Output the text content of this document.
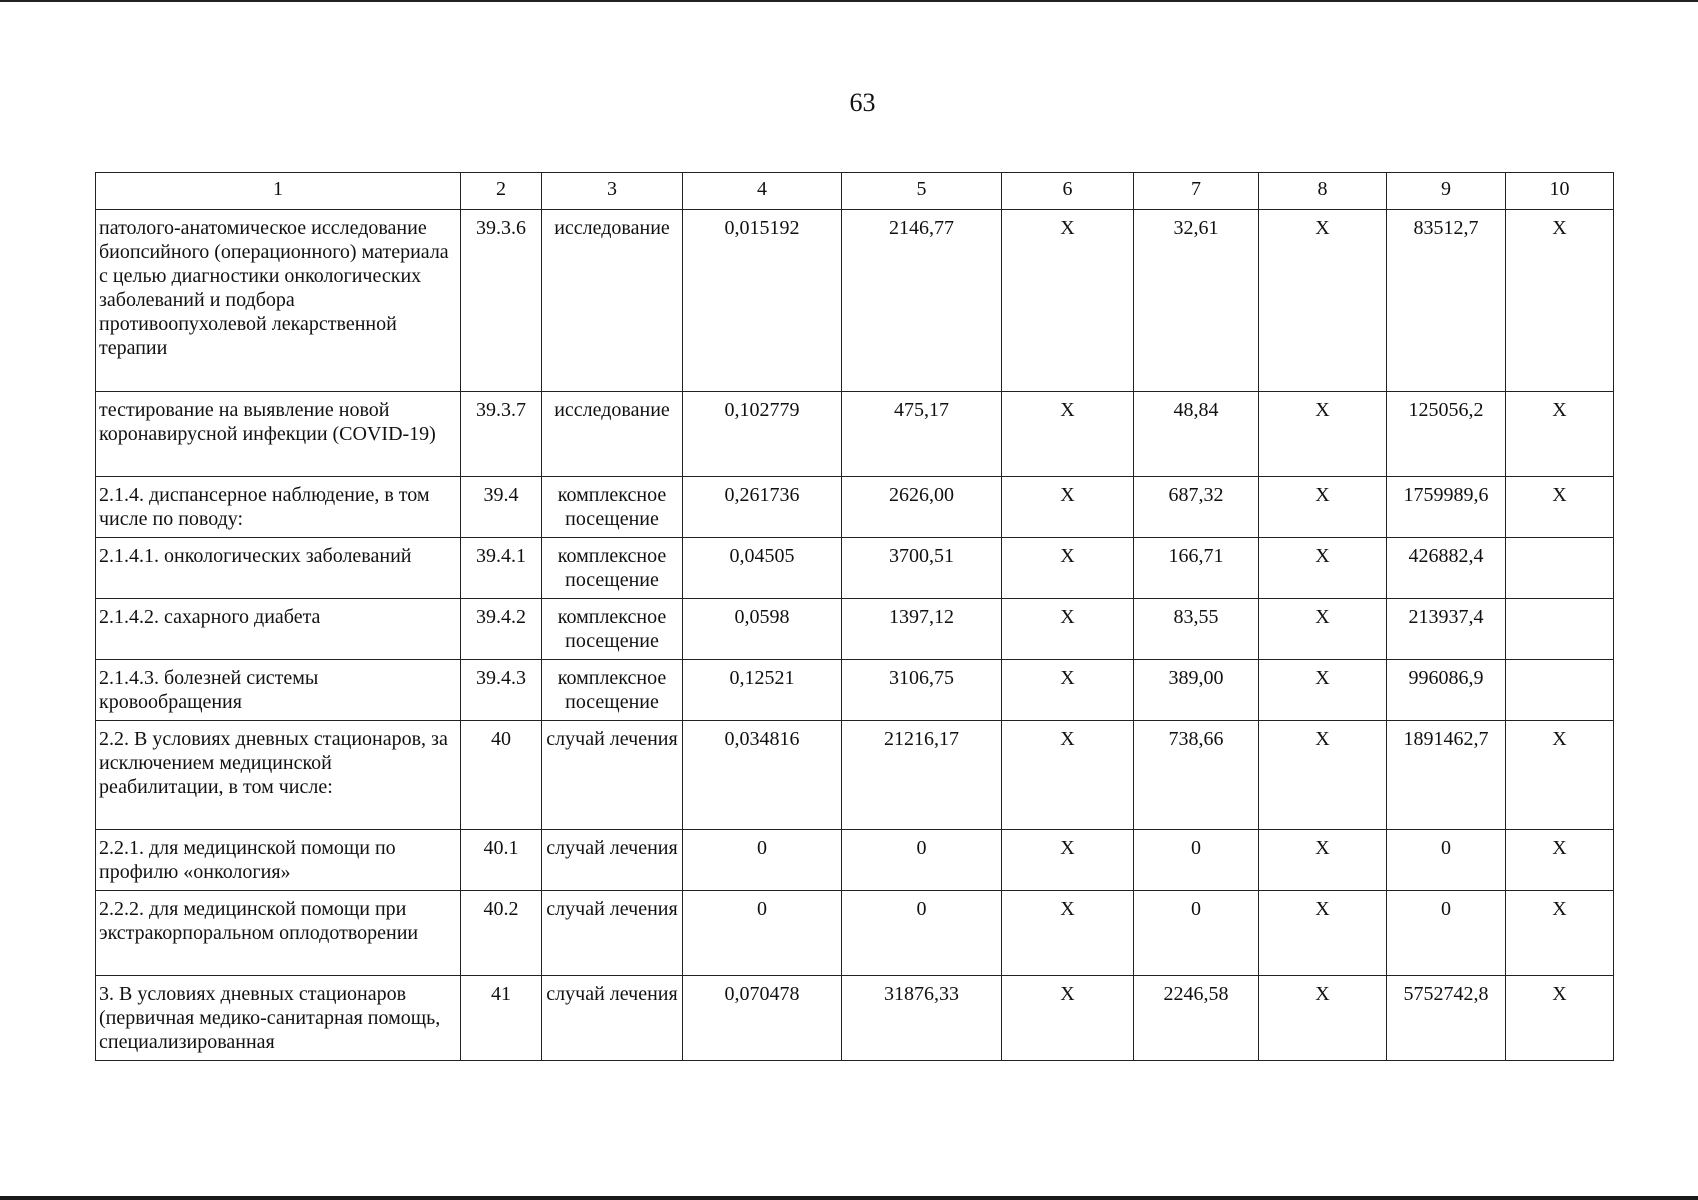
63
1	2	3	4	5	6	7	8	9	10
патолого-анатомическое исследование биопсийного (операционного) материала с целью диагностики онкологических заболеваний и подбора противоопухолевой лекарственной терапии	39.3.6	исследование	0,015192	2146,77	X	32,61	X	83512,7	X
тестирование на выявление новой коронавирусной инфекции (COVID-19)	39.3.7	исследование	0,102779	475,17	X	48,84	X	125056,2	X
2.1.4. диспансерное наблюдение, в том числе по поводу:	39.4	комплексное посещение	0,261736	2626,00	X	687,32	X	1759989,6	X
2.1.4.1. онкологических заболеваний	39.4.1	комплексное посещение	0,04505	3700,51	X	166,71	X	426882,4	
2.1.4.2. сахарного диабета	39.4.2	комплексное посещение	0,0598	1397,12	X	83,55	X	213937,4	
2.1.4.3. болезней системы кровообращения	39.4.3	комплексное посещение	0,12521	3106,75	X	389,00	X	996086,9	
2.2. В условиях дневных стационаров, за исключением медицинской реабилитации, в том числе:	40	случай лечения	0,034816	21216,17	X	738,66	X	1891462,7	X
2.2.1. для медицинской помощи по профилю «онкология»	40.1	случай лечения	0	0	X	0	X	0	X
2.2.2. для медицинской помощи при экстракорпоральном оплодотворении	40.2	случай лечения	0	0	X	0	X	0	X
3. В условиях дневных стационаров (первичная медико-санитарная помощь, специализированная	41	случай лечения	0,070478	31876,33	X	2246,58	X	5752742,8	X
